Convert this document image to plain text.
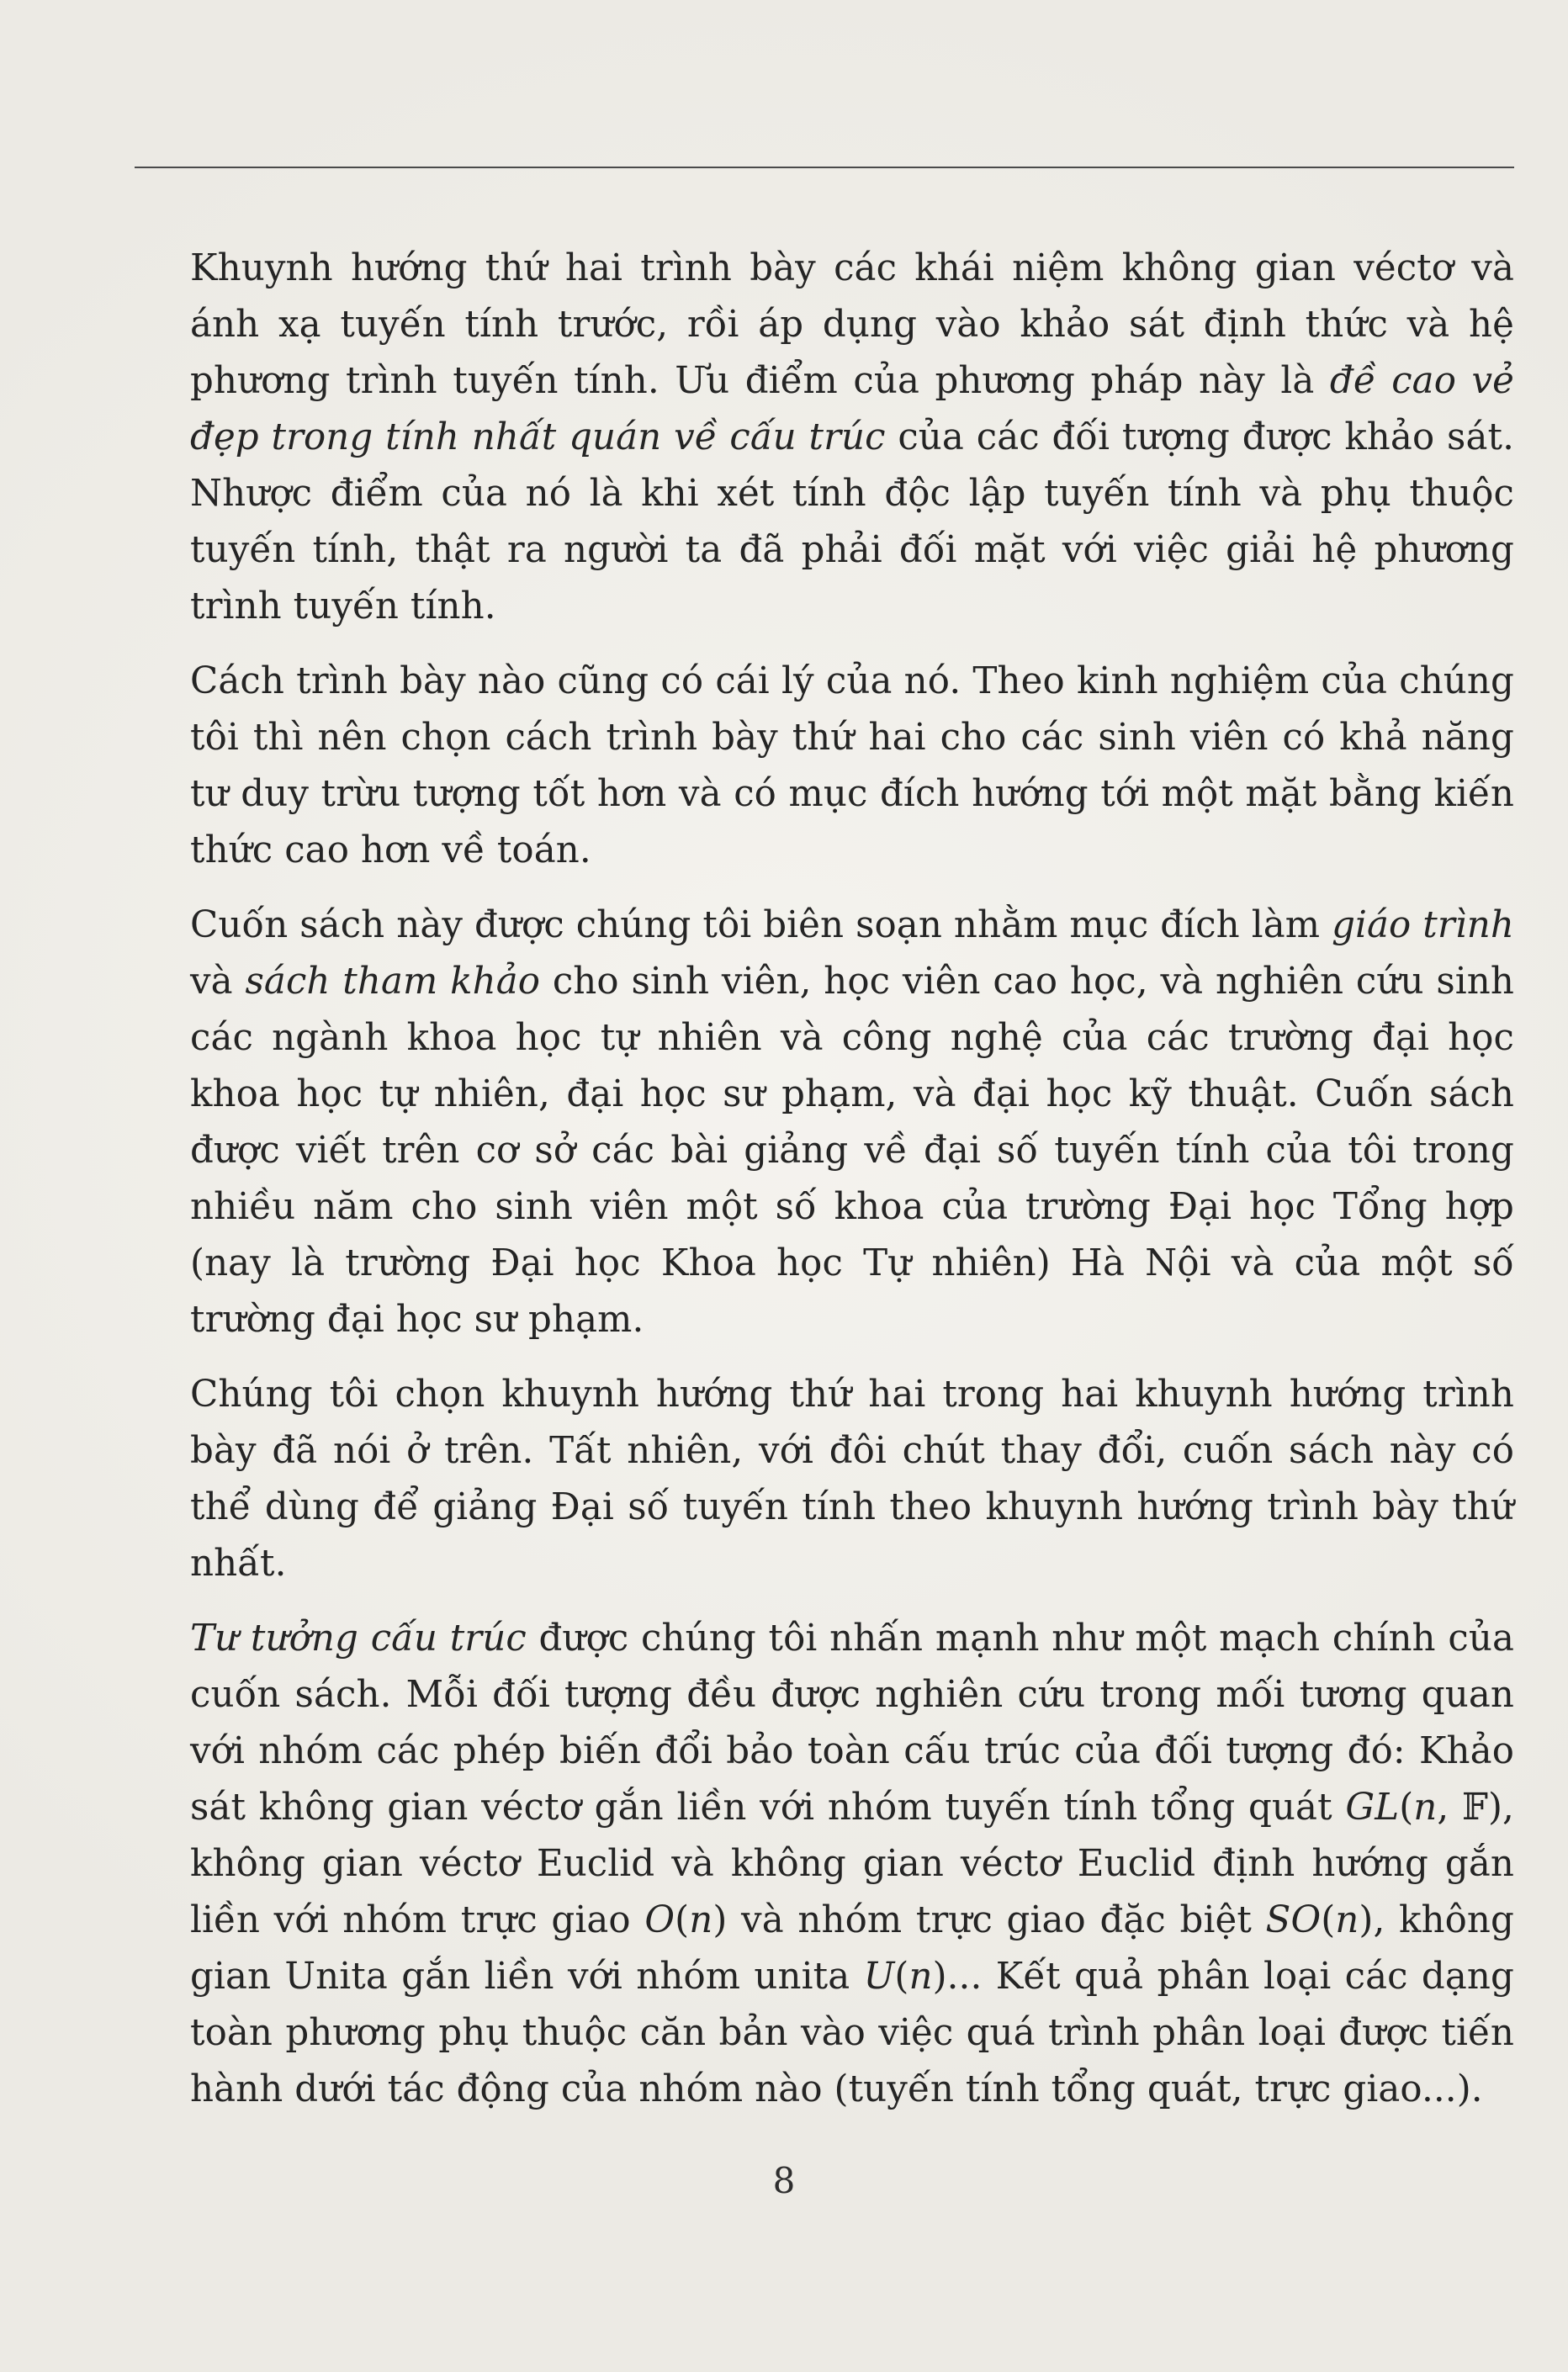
Khuynh hướng thứ hai trình bày các khái niệm không gian véctơ và ánh xạ tuyến tính trước, rồi áp dụng vào khảo sát định thức và hệ phương trình tuyến tính. Ưu điểm của phương pháp này là đề cao vẻ đẹp trong tính nhất quán về cấu trúc của các đối tượng được khảo sát. Nhược điểm của nó là khi xét tính độc lập tuyến tính và phụ thuộc tuyến tính, thật ra người ta đã phải đối mặt với việc giải hệ phương trình tuyến tính.

Cách trình bày nào cũng có cái lý của nó. Theo kinh nghiệm của chúng tôi thì nên chọn cách trình bày thứ hai cho các sinh viên có khả năng tư duy trừu tượng tốt hơn và có mục đích hướng tới một mặt bằng kiến thức cao hơn về toán.

Cuốn sách này được chúng tôi biên soạn nhằm mục đích làm giáo trình và sách tham khảo cho sinh viên, học viên cao học, và nghiên cứu sinh các ngành khoa học tự nhiên và công nghệ của các trường đại học khoa học tự nhiên, đại học sư phạm, và đại học kỹ thuật. Cuốn sách được viết trên cơ sở các bài giảng về đại số tuyến tính của tôi trong nhiều năm cho sinh viên một số khoa của trường Đại học Tổng hợp (nay là trường Đại học Khoa học Tự nhiên) Hà Nội và của một số trường đại học sư phạm.

Chúng tôi chọn khuynh hướng thứ hai trong hai khuynh hướng trình bày đã nói ở trên. Tất nhiên, với đôi chút thay đổi, cuốn sách này có thể dùng để giảng Đại số tuyến tính theo khuynh hướng trình bày thứ nhất.

Tư tưởng cấu trúc được chúng tôi nhấn mạnh như một mạch chính của cuốn sách. Mỗi đối tượng đều được nghiên cứu trong mối tương quan với nhóm các phép biến đổi bảo toàn cấu trúc của đối tượng đó: Khảo sát không gian véctơ gắn liền với nhóm tuyến tính tổng quát GL(n, 𝔽), không gian véctơ Euclid và không gian véctơ Euclid định hướng gắn liền với nhóm trực giao O(n) và nhóm trực giao đặc biệt SO(n), không gian Unita gắn liền với nhóm unita U(n)... Kết quả phân loại các dạng toàn phương phụ thuộc căn bản vào việc quá trình phân loại được tiến hành dưới tác động của nhóm nào (tuyến tính tổng quát, trực giao...).

8
